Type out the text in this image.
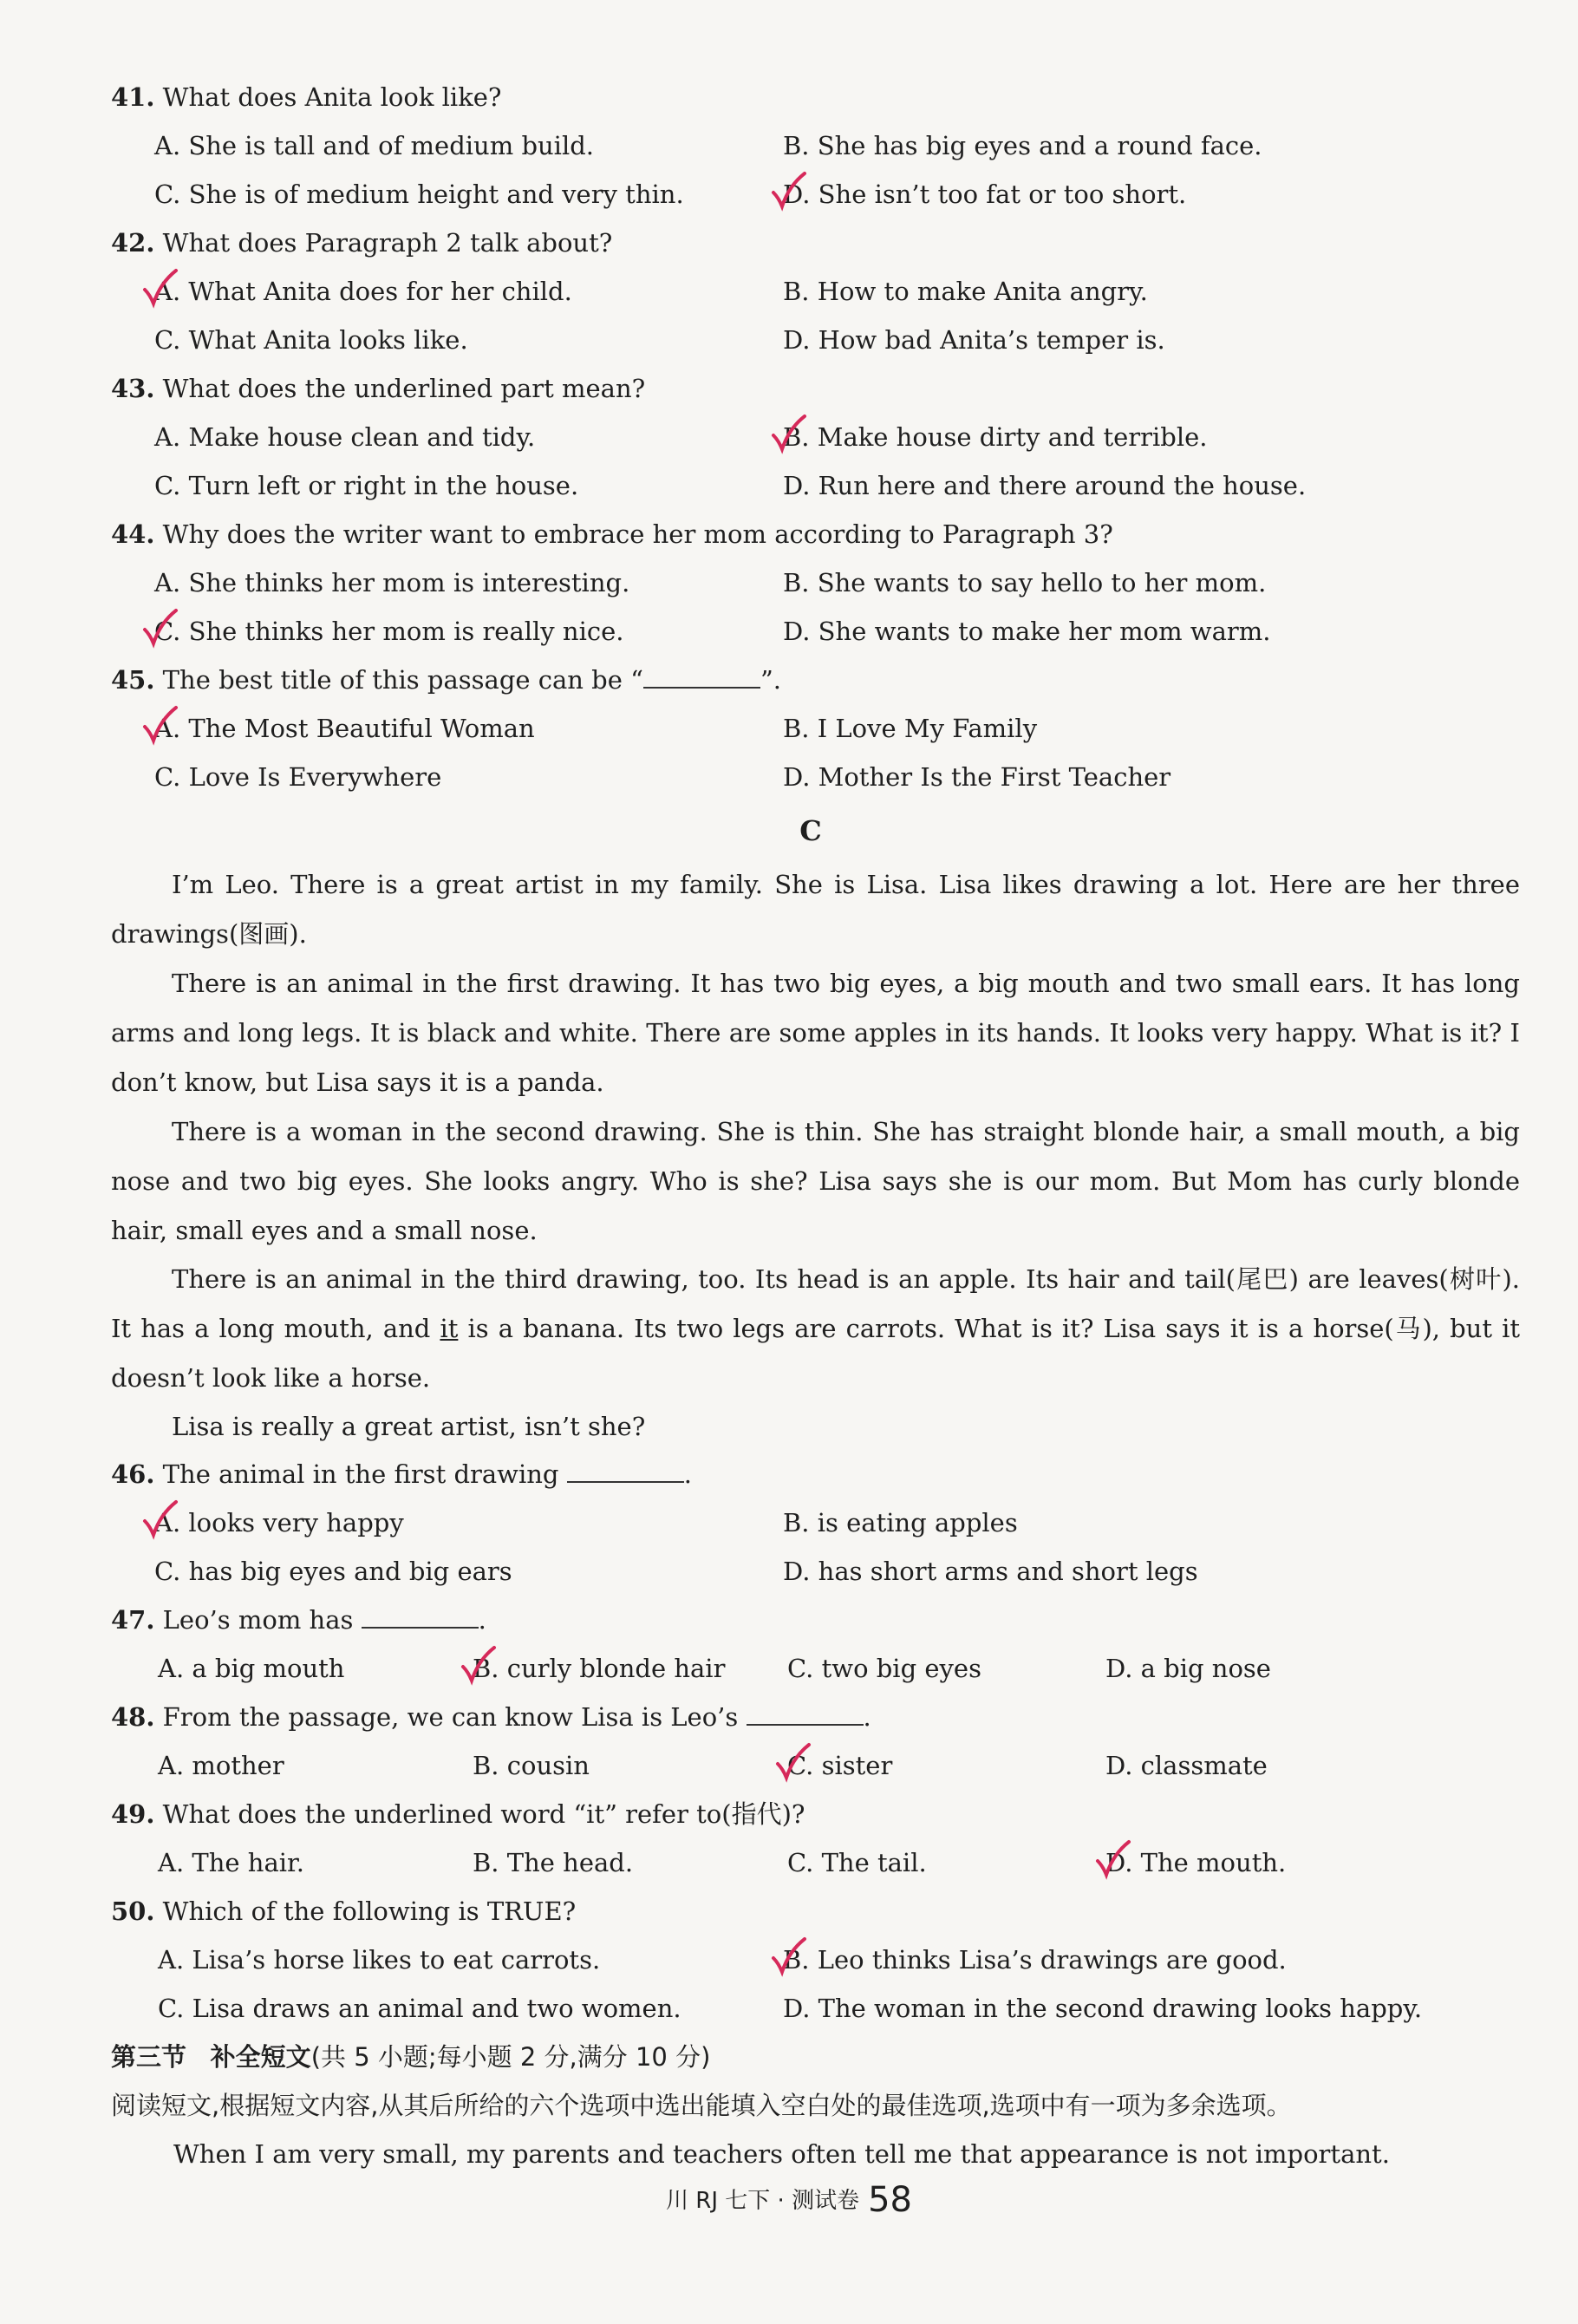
41. What does Anita look like?
A. She is tall and of medium build.	B. She has big eyes and a round face.
C. She is of medium height and very thin.	D. She isn’t too fat or too short.
42. What does Paragraph 2 talk about?
A. What Anita does for her child.	B. How to make Anita angry.
C. What Anita looks like.	D. How bad Anita’s temper is.
43. What does the underlined part mean?
A. Make house clean and tidy.	B. Make house dirty and terrible.
C. Turn left or right in the house.	D. Run here and there around the house.
44. Why does the writer want to embrace her mom according to Paragraph 3?
A. She thinks her mom is interesting.	B. She wants to say hello to her mom.
C. She thinks her mom is really nice.	D. She wants to make her mom warm.
45. The best title of this passage can be “	”.
A. The Most Beautiful Woman	B. I Love My Family
C. Love Is Everywhere	D. Mother Is the First Teacher
C
I’m Leo. There is a great artist in my family. She is Lisa. Lisa likes drawing a lot. Here are her three drawings(图画).
There is an animal in the first drawing. It has two big eyes, a big mouth and two small ears. It has long arms and long legs. It is black and white. There are some apples in its hands. It looks very happy. What is it? I don’t know, but Lisa says it is a panda.
There is a woman in the second drawing. She is thin. She has straight blonde hair, a small mouth, a big nose and two big eyes. She looks angry. Who is she? Lisa says she is our mom. But Mom has curly blonde hair, small eyes and a small nose.
There is an animal in the third drawing, too. Its head is an apple. Its hair and tail(尾巴) are leaves(树叶). It has a long mouth, and it is a banana. Its two legs are carrots. What is it? Lisa says it is a horse(马), but it doesn’t look like a horse.
Lisa is really a great artist, isn’t she?
46. The animal in the first drawing	.
A. looks very happy	B. is eating apples
C. has big eyes and big ears	D. has short arms and short legs
47. Leo’s mom has	.
A. a big mouth	B. curly blonde hair C. two big eyes	D. a big nose
48. From the passage, we can know Lisa is Leo’s	.
A. mother	B. cousin	C. sister	D. classmate
49. What does the underlined word “it” refer to(指代)?
A. The hair.	B. The head.	C. The tail.	D. The mouth.
50. Which of the following is TRUE?
A. Lisa’s horse likes to eat carrots.	B. Leo thinks Lisa’s drawings are good.
C. Lisa draws an animal and two women.	D. The woman in the second drawing looks happy.
第三节 补全短文(共 5 小题;每小题 2 分,满分 10 分)
阅读短文,根据短文内容,从其后所给的六个选项中选出能填入空白处的最佳选项,选项中有一项为多余选项。
When I am very small, my parents and teachers often tell me that appearance is not important.
川 RJ 七下 · 测试卷 58
